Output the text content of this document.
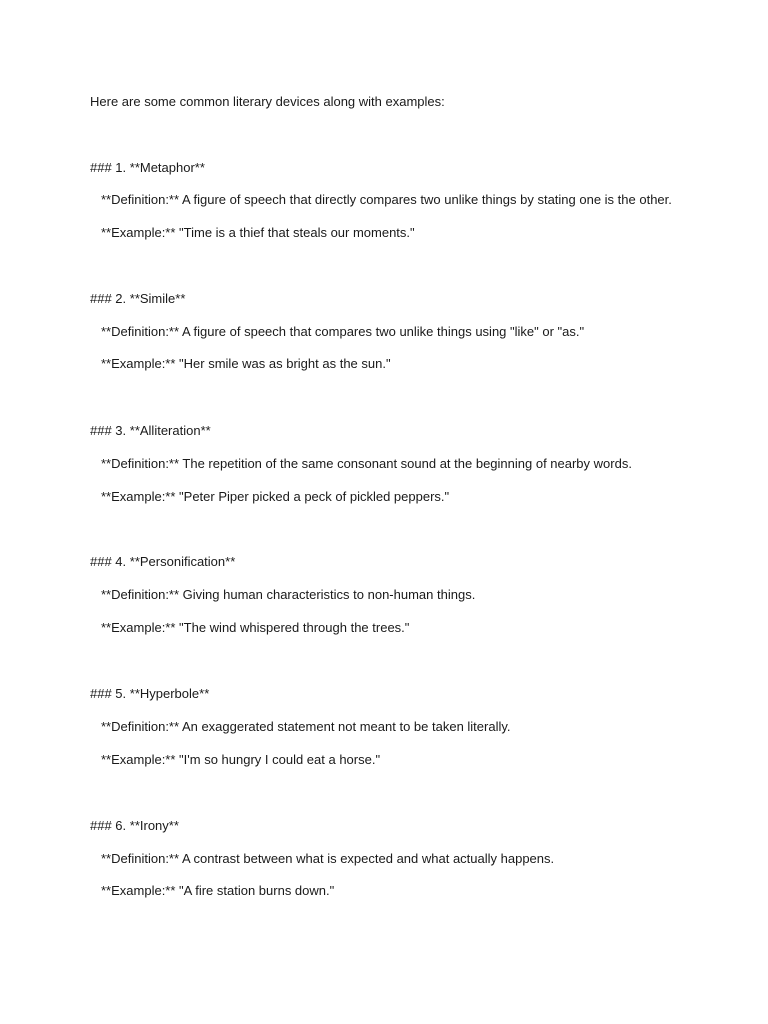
Here are some common literary devices along with examples:
### 1. **Metaphor**
**Definition:** A figure of speech that directly compares two unlike things by stating one is the other.
**Example:** "Time is a thief that steals our moments."
### 2. **Simile**
**Definition:** A figure of speech that compares two unlike things using "like" or "as."
**Example:** "Her smile was as bright as the sun."
### 3. **Alliteration**
**Definition:** The repetition of the same consonant sound at the beginning of nearby words.
**Example:** "Peter Piper picked a peck of pickled peppers."
### 4. **Personification**
**Definition:** Giving human characteristics to non-human things.
**Example:** "The wind whispered through the trees."
### 5. **Hyperbole**
**Definition:** An exaggerated statement not meant to be taken literally.
**Example:** "I'm so hungry I could eat a horse."
### 6. **Irony**
**Definition:** A contrast between what is expected and what actually happens.
**Example:** "A fire station burns down."
